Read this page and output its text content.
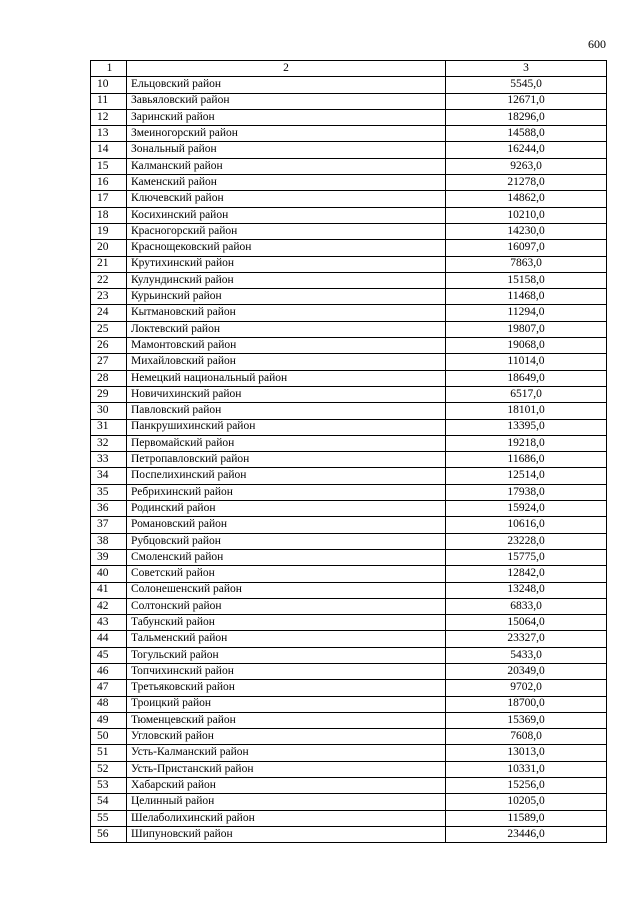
600
1	2	3
10	Ельцовский район	5545,0
11	Завьяловский район	12671,0
12	Заринский район	18296,0
13	Змеиногорский район	14588,0
14	Зональный район	16244,0
15	Калманский район	9263,0
16	Каменский район	21278,0
17	Ключевский район	14862,0
18	Косихинский район	10210,0
19	Красногорский район	14230,0
20	Краснощековский район	16097,0
21	Крутихинский район	7863,0
22	Кулундинский район	15158,0
23	Курьинский район	11468,0
24	Кытмановский район	11294,0
25	Локтевский район	19807,0
26	Мамонтовский район	19068,0
27	Михайловский район	11014,0
28	Немецкий национальный район	18649,0
29	Новичихинский район	6517,0
30	Павловский район	18101,0
31	Панкрушихинский район	13395,0
32	Первомайский район	19218,0
33	Петропавловский район	11686,0
34	Поспелихинский район	12514,0
35	Ребрихинский район	17938,0
36	Родинский район	15924,0
37	Романовский район	10616,0
38	Рубцовский район	23228,0
39	Смоленский район	15775,0
40	Советский район	12842,0
41	Солонешенский район	13248,0
42	Солтонский район	6833,0
43	Табунский район	15064,0
44	Тальменский район	23327,0
45	Тогульский район	5433,0
46	Топчихинский район	20349,0
47	Третьяковский район	9702,0
48	Троицкий район	18700,0
49	Тюменцевский район	15369,0
50	Угловский район	7608,0
51	Усть-Калманский район	13013,0
52	Усть-Пристанский район	10331,0
53	Хабарский район	15256,0
54	Целинный район	10205,0
55	Шелаболихинский район	11589,0
56	Шипуновский район	23446,0
